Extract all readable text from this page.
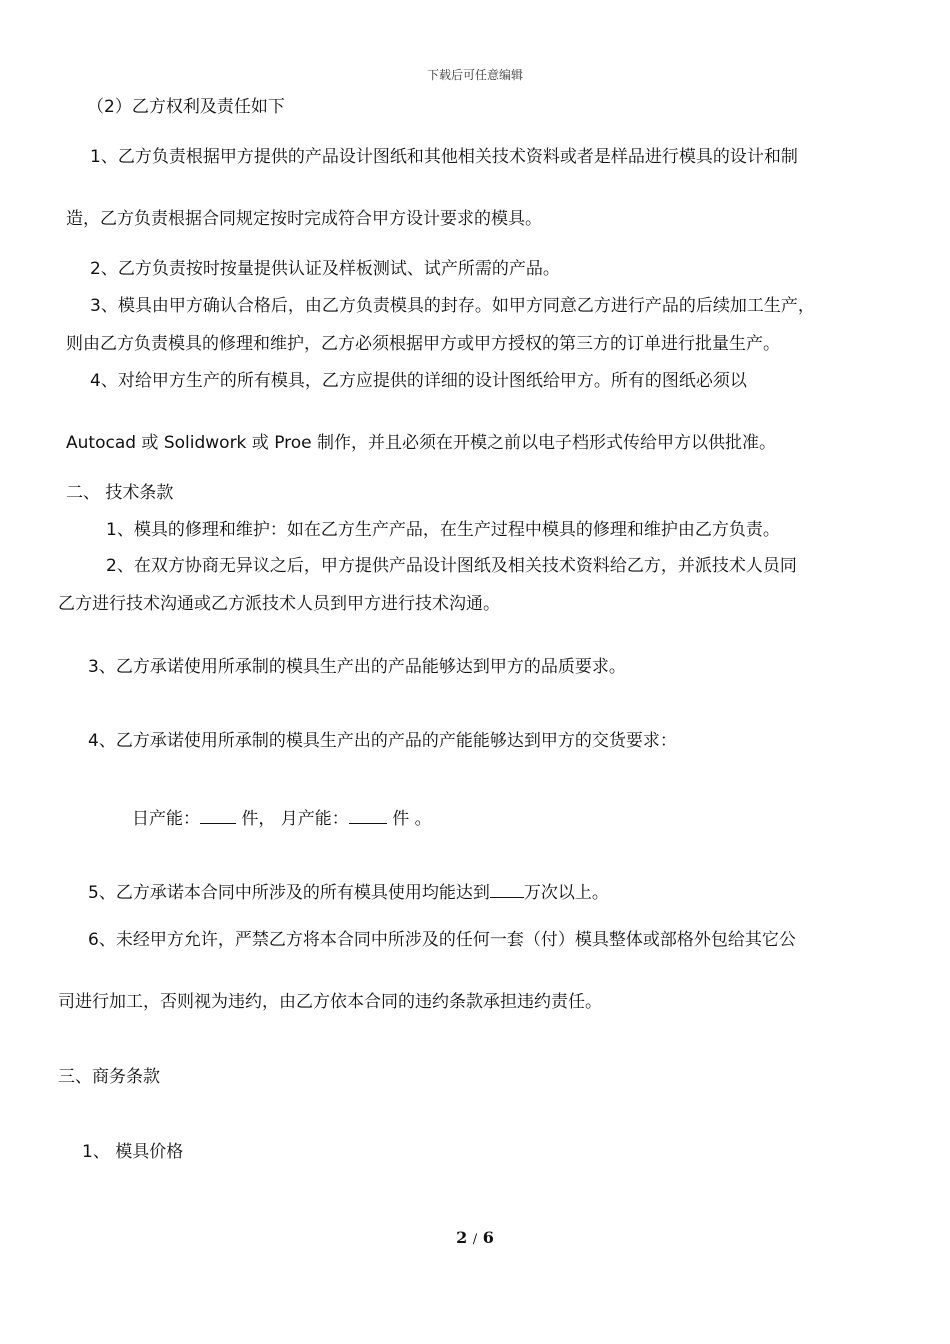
下载后可任意编辑
（2）乙方权利及责任如下
1、乙方负责根据甲方提供的产品设计图纸和其他相关技术资料或者是样品进行模具的设计和制
造，乙方负责根据合同规定按时完成符合甲方设计要求的模具。
2、乙方负责按时按量提供认证及样板测试、试产所需的产品。
3、模具由甲方确认合格后，由乙方负责模具的封存。如甲方同意乙方进行产品的后续加工生产，
则由乙方负责模具的修理和维护，乙方必须根据甲方或甲方授权的第三方的订单进行批量生产。
4、对给甲方生产的所有模具，乙方应提供的详细的设计图纸给甲方。所有的图纸必须以
Autocad 或 Solidwork 或 Proe 制作，并且必须在开模之前以电子档形式传给甲方以供批准。
二、 技术条款
1、模具的修理和维护：如在乙方生产产品，在生产过程中模具的修理和维护由乙方负责。
2、在双方协商无异议之后，甲方提供产品设计图纸及相关技术资料给乙方，并派技术人员同
乙方进行技术沟通或乙方派技术人员到甲方进行技术沟通。
3、乙方承诺使用所承制的模具生产出的产品能够达到甲方的品质要求。
4、乙方承诺使用所承制的模具生产出的产品的产能能够达到甲方的交货要求：
日产能： 件， 月产能：	件 。
5、乙方承诺本合同中所涉及的所有模具使用均能达到 万次以上。
6、未经甲方允许，严禁乙方将本合同中所涉及的任何一套（付）模具整体或部格外包给其它公
司进行加工，否则视为违约，由乙方依本合同的违约条款承担违约责任。
三、商务条款
1、 模具价格
2 / 6
